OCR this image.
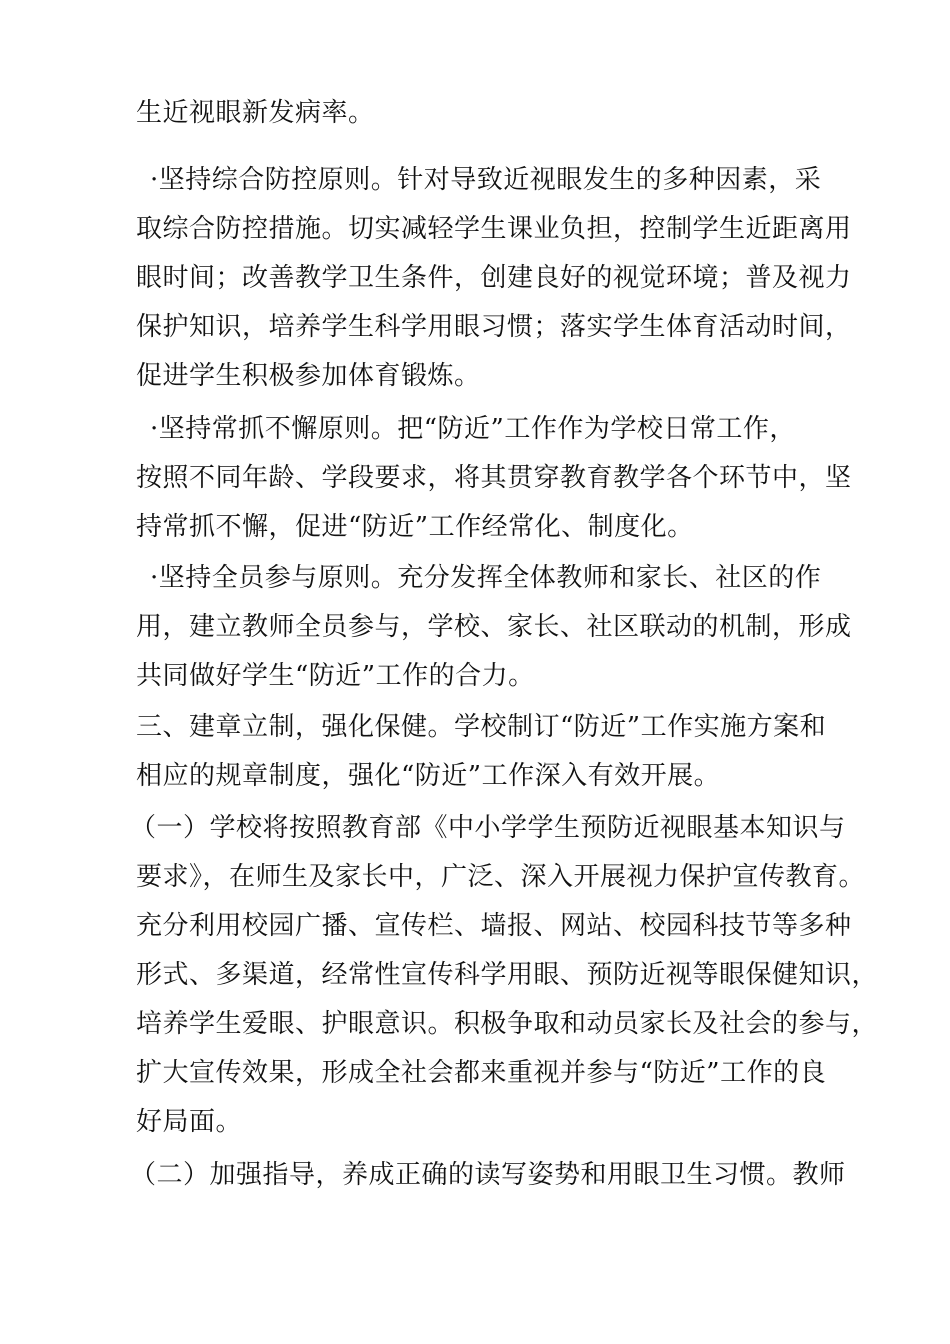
生近视眼新发病率。
·坚持综合防控原则。针对导致近视眼发生的多种因素，采
取综合防控措施。切实减轻学生课业负担，控制学生近距离用
眼时间；改善教学卫生条件，创建良好的视觉环境；普及视力
保护知识，培养学生科学用眼习惯；落实学生体育活动时间，
促进学生积极参加体育锻炼。
·坚持常抓不懈原则。把“防近”工作作为学校日常工作，
按照不同年龄、学段要求，将其贯穿教育教学各个环节中，坚
持常抓不懈，促进“防近”工作经常化、制度化。
·坚持全员参与原则。充分发挥全体教师和家长、社区的作
用，建立教师全员参与，学校、家长、社区联动的机制，形成
共同做好学生“防近”工作的合力。
三、建章立制，强化保健。学校制订“防近”工作实施方案和
相应的规章制度，强化“防近”工作深入有效开展。
（一）学校将按照教育部《中小学学生预防近视眼基本知识与
要求》，在师生及家长中，广泛、深入开展视力保护宣传教育。
充分利用校园广播、宣传栏、墙报、网站、校园科技节等多种
形式、多渠道，经常性宣传科学用眼、预防近视等眼保健知识，
培养学生爱眼、护眼意识。积极争取和动员家长及社会的参与，
扩大宣传效果，形成全社会都来重视并参与“防近”工作的良
好局面。
（二）加强指导，养成正确的读写姿势和用眼卫生习惯。教师
